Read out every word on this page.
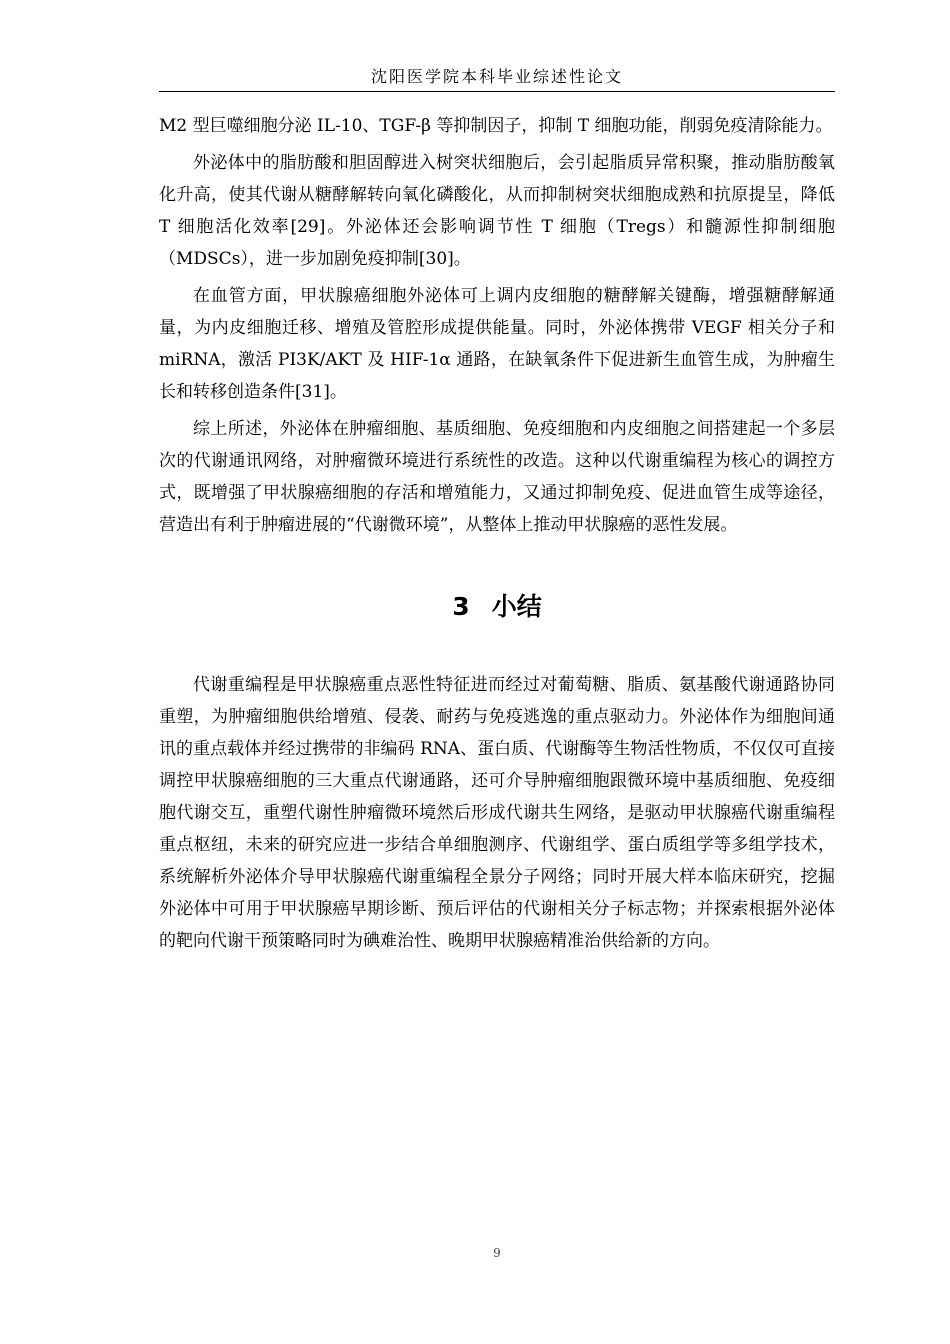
沈阳医学院本科毕业综述性论文

M2 型巨噬细胞分泌 IL-10、TGF-β 等抑制因子，抑制 T 细胞功能，削弱免疫清除能力。

外泌体中的脂肪酸和胆固醇进入树突状细胞后，会引起脂质异常积聚，推动脂肪酸氧化升高，使其代谢从糖酵解转向氧化磷酸化，从而抑制树突状细胞成熟和抗原提呈，降低 T 细胞活化效率[29]。外泌体还会影响调节性 T 细胞（Tregs）和髓源性抑制细胞（MDSCs），进一步加剧免疫抑制[30]。

在血管方面，甲状腺癌细胞外泌体可上调内皮细胞的糖酵解关键酶，增强糖酵解通量，为内皮细胞迁移、增殖及管腔形成提供能量。同时，外泌体携带 VEGF 相关分子和 miRNA，激活 PI3K/AKT 及 HIF-1α 通路，在缺氧条件下促进新生血管生成，为肿瘤生长和转移创造条件[31]。

综上所述，外泌体在肿瘤细胞、基质细胞、免疫细胞和内皮细胞之间搭建起一个多层次的代谢通讯网络，对肿瘤微环境进行系统性的改造。这种以代谢重编程为核心的调控方式，既增强了甲状腺癌细胞的存活和增殖能力，又通过抑制免疫、促进血管生成等途径，营造出有利于肿瘤进展的“代谢微环境”，从整体上推动甲状腺癌的恶性发展。

3 小结

代谢重编程是甲状腺癌重点恶性特征进而经过对葡萄糖、脂质、氨基酸代谢通路协同重塑，为肿瘤细胞供给增殖、侵袭、耐药与免疫逃逸的重点驱动力。外泌体作为细胞间通讯的重点载体并经过携带的非编码 RNA、蛋白质、代谢酶等生物活性物质，不仅仅可直接调控甲状腺癌细胞的三大重点代谢通路，还可介导肿瘤细胞跟微环境中基质细胞、免疫细胞代谢交互，重塑代谢性肿瘤微环境然后形成代谢共生网络，是驱动甲状腺癌代谢重编程重点枢纽，未来的研究应进一步结合单细胞测序、代谢组学、蛋白质组学等多组学技术，系统解析外泌体介导甲状腺癌代谢重编程全景分子网络；同时开展大样本临床研究，挖掘外泌体中可用于甲状腺癌早期诊断、预后评估的代谢相关分子标志物；并探索根据外泌体的靶向代谢干预策略同时为碘难治性、晚期甲状腺癌精准治供给新的方向。

9
